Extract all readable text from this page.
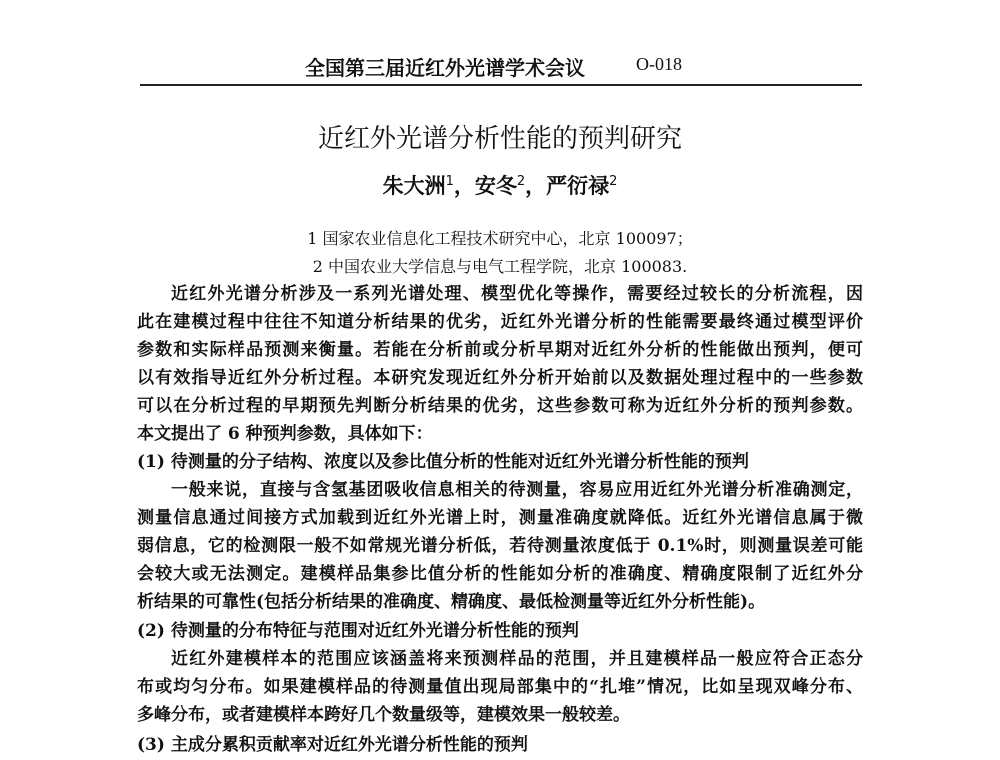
全国第三届近红外光谱学术会议	O-018
近红外光谱分析性能的预判研究
朱大洲$^1$，安冬$^2$，严衍禄$^2$
1 国家农业信息化工程技术研究中心，北京 100097；
2 中国农业大学信息与电气工程学院，北京 100083.
近红外光谱分析涉及一系列光谱处理、模型优化等操作，需要经过较长的分析流程，因
此在建模过程中往往不知道分析结果的优劣，近红外光谱分析的性能需要最终通过模型评价
参数和实际样品预测来衡量。若能在分析前或分析早期对近红外分析的性能做出预判，便可
以有效指导近红外分析过程。本研究发现近红外分析开始前以及数据处理过程中的一些参数
可以在分析过程的早期预先判断分析结果的优劣，这些参数可称为近红外分析的预判参数。
本文提出了 6 种预判参数，具体如下：
(1) 待测量的分子结构、浓度以及参比值分析的性能对近红外光谱分析性能的预判
一般来说，直接与含氢基团吸收信息相关的待测量，容易应用近红外光谱分析准确测定，
测量信息通过间接方式加载到近红外光谱上时，测量准确度就降低。近红外光谱信息属于微
弱信息，它的检测限一般不如常规光谱分析低，若待测量浓度低于 0.1%时，则测量误差可能
会较大或无法测定。建模样品集参比值分析的性能如分析的准确度、精确度限制了近红外分
析结果的可靠性(包括分析结果的准确度、精确度、最低检测量等近红外分析性能)。
(2) 待测量的分布特征与范围对近红外光谱分析性能的预判
近红外建模样本的范围应该涵盖将来预测样品的范围，并且建模样品一般应符合正态分
布或均匀分布。如果建模样品的待测量值出现局部集中的“扎堆”情况，比如呈现双峰分布、
多峰分布，或者建模样本跨好几个数量级等，建模效果一般较差。
(3) 主成分累积贡献率对近红外光谱分析性能的预判
